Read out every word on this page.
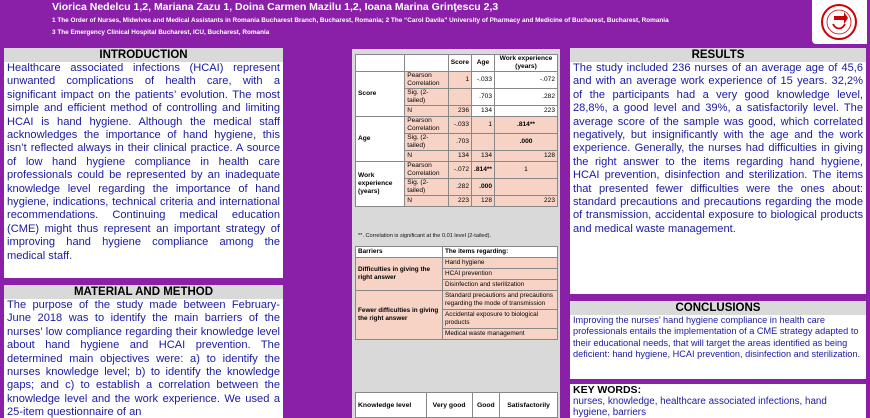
Viorica Nedelcu 1,2, Mariana Zazu 1, Doina Carmen Mazilu 1,2, Ioana Marina Grinţescu 2,3
1 The Order of Nurses, Midwives and Medical Assistants in Romania Bucharest Branch, Bucharest, Romania; 2 The “Carol Davila” University of Pharmacy and Medicine of Bucharest, Bucharest, Romania
3 The Emergency Clinical Hospital Bucharest, ICU, Bucharest, Romania
INTRODUCTION
Healthcare associated infections (HCAI) represent unwanted complications of health care, with a significant impact on the patients’ evolution. The most simple and efficient method of controlling and limiting HCAI is hand hygiene. Although the medical staff acknowledges the importance of hand hygiene, this isn’t reflected always in their clinical practice. A source of low hand hygiene compliance in health care professionals could be represented by an inadequate knowledge level regarding the importance of hand hygiene, indications, technical criteria and international recommendations. Continuing medical education (CME) might thus represent an important strategy of improving hand hygiene compliance among the medical staff.
MATERIAL AND METHOD
The purpose of the study made between February-June 2018 was to identify the main barriers of the nurses’ low compliance regarding their knowledge level about hand hygiene and HCAI prevention. The determined main objectives were: a) to identify the nurses knowledge level; b) to identify the knowledge gaps; and c) to establish a correlation between the knowledge level and the work experience. We used a 25-item questionnaire of an
		Score	Age	Work experience (years)
Score	Pearson Correlation	1	-.033	-.072
	Sig. (2-tailed)		.703	.282
	N	236	134	223
Age	Pearson Correlation	-.033	1	.814**
	Sig. (2-tailed)	.703		.000
	N	134	134	128
Work experience (years)	Pearson Correlation	-.072	.814**	1
	Sig. (2-tailed)	.282	.000	
	N	223	128	223
**. Correlation is significant at the 0.01 level (2-tailed).
Barriers	The items regarding:
Difficulties in giving the right answer	Hand hygiene
	HCAI prevention
	Disinfection and sterilization
Fewer difficulties in giving the right answer	Standard precautions and precautions regarding the mode of transmission
	Accidental exposure to biological products
	Medical waste management
Knowledge level	Very good	Good	Satisfactorily
RESULTS
The study included 236 nurses of an average age of 45,6 and with an average work experience of 15 years. 32,2% of the participants had a very good knowledge level, 28,8%, a good level and 39%, a satisfactorily level. The average score of the sample was good, which correlated negatively, but insignificantly with the age and the work experience. Generally, the nurses had difficulties in giving the right answer to the items regarding hand hygiene, HCAI prevention, disinfection and sterilization. The items that presented fewer difficulties were the ones about: standard precautions and precautions regarding the mode of transmission, accidental exposure to biological products and medical waste management.
CONCLUSIONS
Improving the nurses’ hand hygiene compliance in health care professionals entails the implementation of a CME strategy adapted to their educational needs, that will target the areas identified as being deficient: hand hygiene, HCAI prevention, disinfection and sterilization.
KEY WORDS:
nurses, knowledge, healthcare associated infections, hand hygiene, barriers
